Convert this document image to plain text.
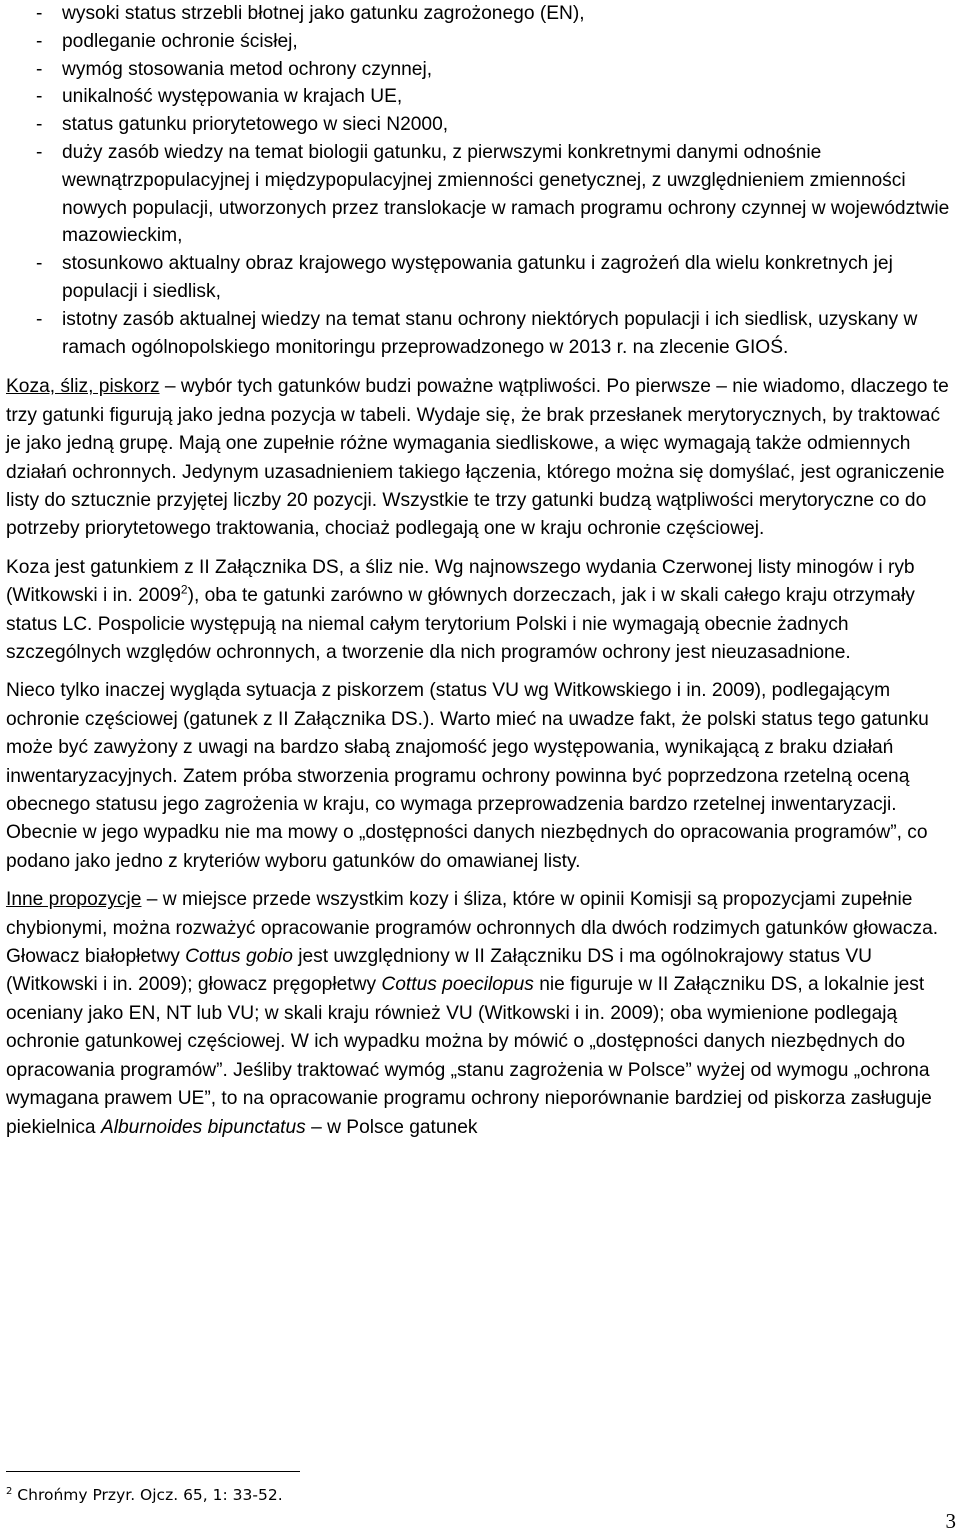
- wysoki status strzebli błotnej jako gatunku zagrożonego (EN),
- podleganie ochronie ścisłej,
- wymóg stosowania metod ochrony czynnej,
- unikalność występowania w krajach UE,
- status gatunku priorytetowego w sieci N2000,
- duży zasób wiedzy na temat biologii gatunku, z pierwszymi konkretnymi danymi odnośnie wewnątrzpopulacyjnej i międzypopulacyjnej zmienności genetycznej, z uwzględnieniem zmienności nowych populacji, utworzonych przez translokacje w ramach programu ochrony czynnej w województwie mazowieckim,
- stosunkowo aktualny obraz krajowego występowania gatunku i zagrożeń dla wielu konkretnych jej populacji i siedlisk,
- istotny zasób aktualnej wiedzy na temat stanu ochrony niektórych populacji i ich siedlisk, uzyskany w ramach ogólnopolskiego monitoringu przeprowadzonego w 2013 r. na zlecenie GIOŚ.

Koza, śliz, piskorz – wybór tych gatunków budzi poważne wątpliwości. Po pierwsze – nie wiadomo, dlaczego te trzy gatunki figurują jako jedna pozycja w tabeli. Wydaje się, że brak przesłanek merytorycznych, by traktować je jako jedną grupę. Mają one zupełnie różne wymagania siedliskowe, a więc wymagają także odmiennych działań ochronnych. Jedynym uzasadnieniem takiego łączenia, którego można się domyślać, jest ograniczenie listy do sztucznie przyjętej liczby 20 pozycji. Wszystkie te trzy gatunki budzą wątpliwości merytoryczne co do potrzeby priorytetowego traktowania, chociaż podlegają one w kraju ochronie częściowej.

Koza jest gatunkiem z II Załącznika DS, a śliz nie. Wg najnowszego wydania Czerwonej listy minogów i ryb (Witkowski i in. 2009$^2$), oba te gatunki zarówno w głównych dorzeczach, jak i w skali całego kraju otrzymały status LC. Pospolicie występują na niemal całym terytorium Polski i nie wymagają obecnie żadnych szczególnych względów ochronnych, a tworzenie dla nich programów ochrony jest nieuzasadnione.

Nieco tylko inaczej wygląda sytuacja z piskorzem (status VU wg Witkowskiego i in. 2009), podlegającym ochronie częściowej (gatunek z II Załącznika DS.). Warto mieć na uwadze fakt, że polski status tego gatunku może być zawyżony z uwagi na bardzo słabą znajomość jego występowania, wynikającą z braku działań inwentaryzacyjnych. Zatem próba stworzenia programu ochrony powinna być poprzedzona rzetelną oceną obecnego statusu jego zagrożenia w kraju, co wymaga przeprowadzenia bardzo rzetelnej inwentaryzacji. Obecnie w jego wypadku nie ma mowy o „dostępności danych niezbędnych do opracowania programów”, co podano jako jedno z kryteriów wyboru gatunków do omawianej listy.

Inne propozycje – w miejsce przede wszystkim kozy i śliza, które w opinii Komisji są propozycjami zupełnie chybionymi, można rozważyć opracowanie programów ochronnych dla dwóch rodzimych gatunków głowacza. Głowacz białopłetwy Cottus gobio jest uwzględniony w II Załączniku DS i ma ogólnokrajowy status VU (Witkowski i in. 2009); głowacz pręgopłetwy Cottus poecilopus nie figuruje w II Załączniku DS, a lokalnie jest oceniany jako EN, NT lub VU; w skali kraju również VU (Witkowski i in. 2009); oba wymienione podlegają ochronie gatunkowej częściowej. W ich wypadku można by mówić o „dostępności danych niezbędnych do opracowania programów”. Jeśliby traktować wymóg „stanu zagrożenia w Polsce” wyżej od wymogu „ochrona wymagana prawem UE”, to na opracowanie programu ochrony nieporównanie bardziej od piskorza zasługuje piekielnica Alburnoides bipunctatus – w Polsce gatunek

$^2$ Chrońmy Przyr. Ojcz. 65, 1: 33-52.
3
